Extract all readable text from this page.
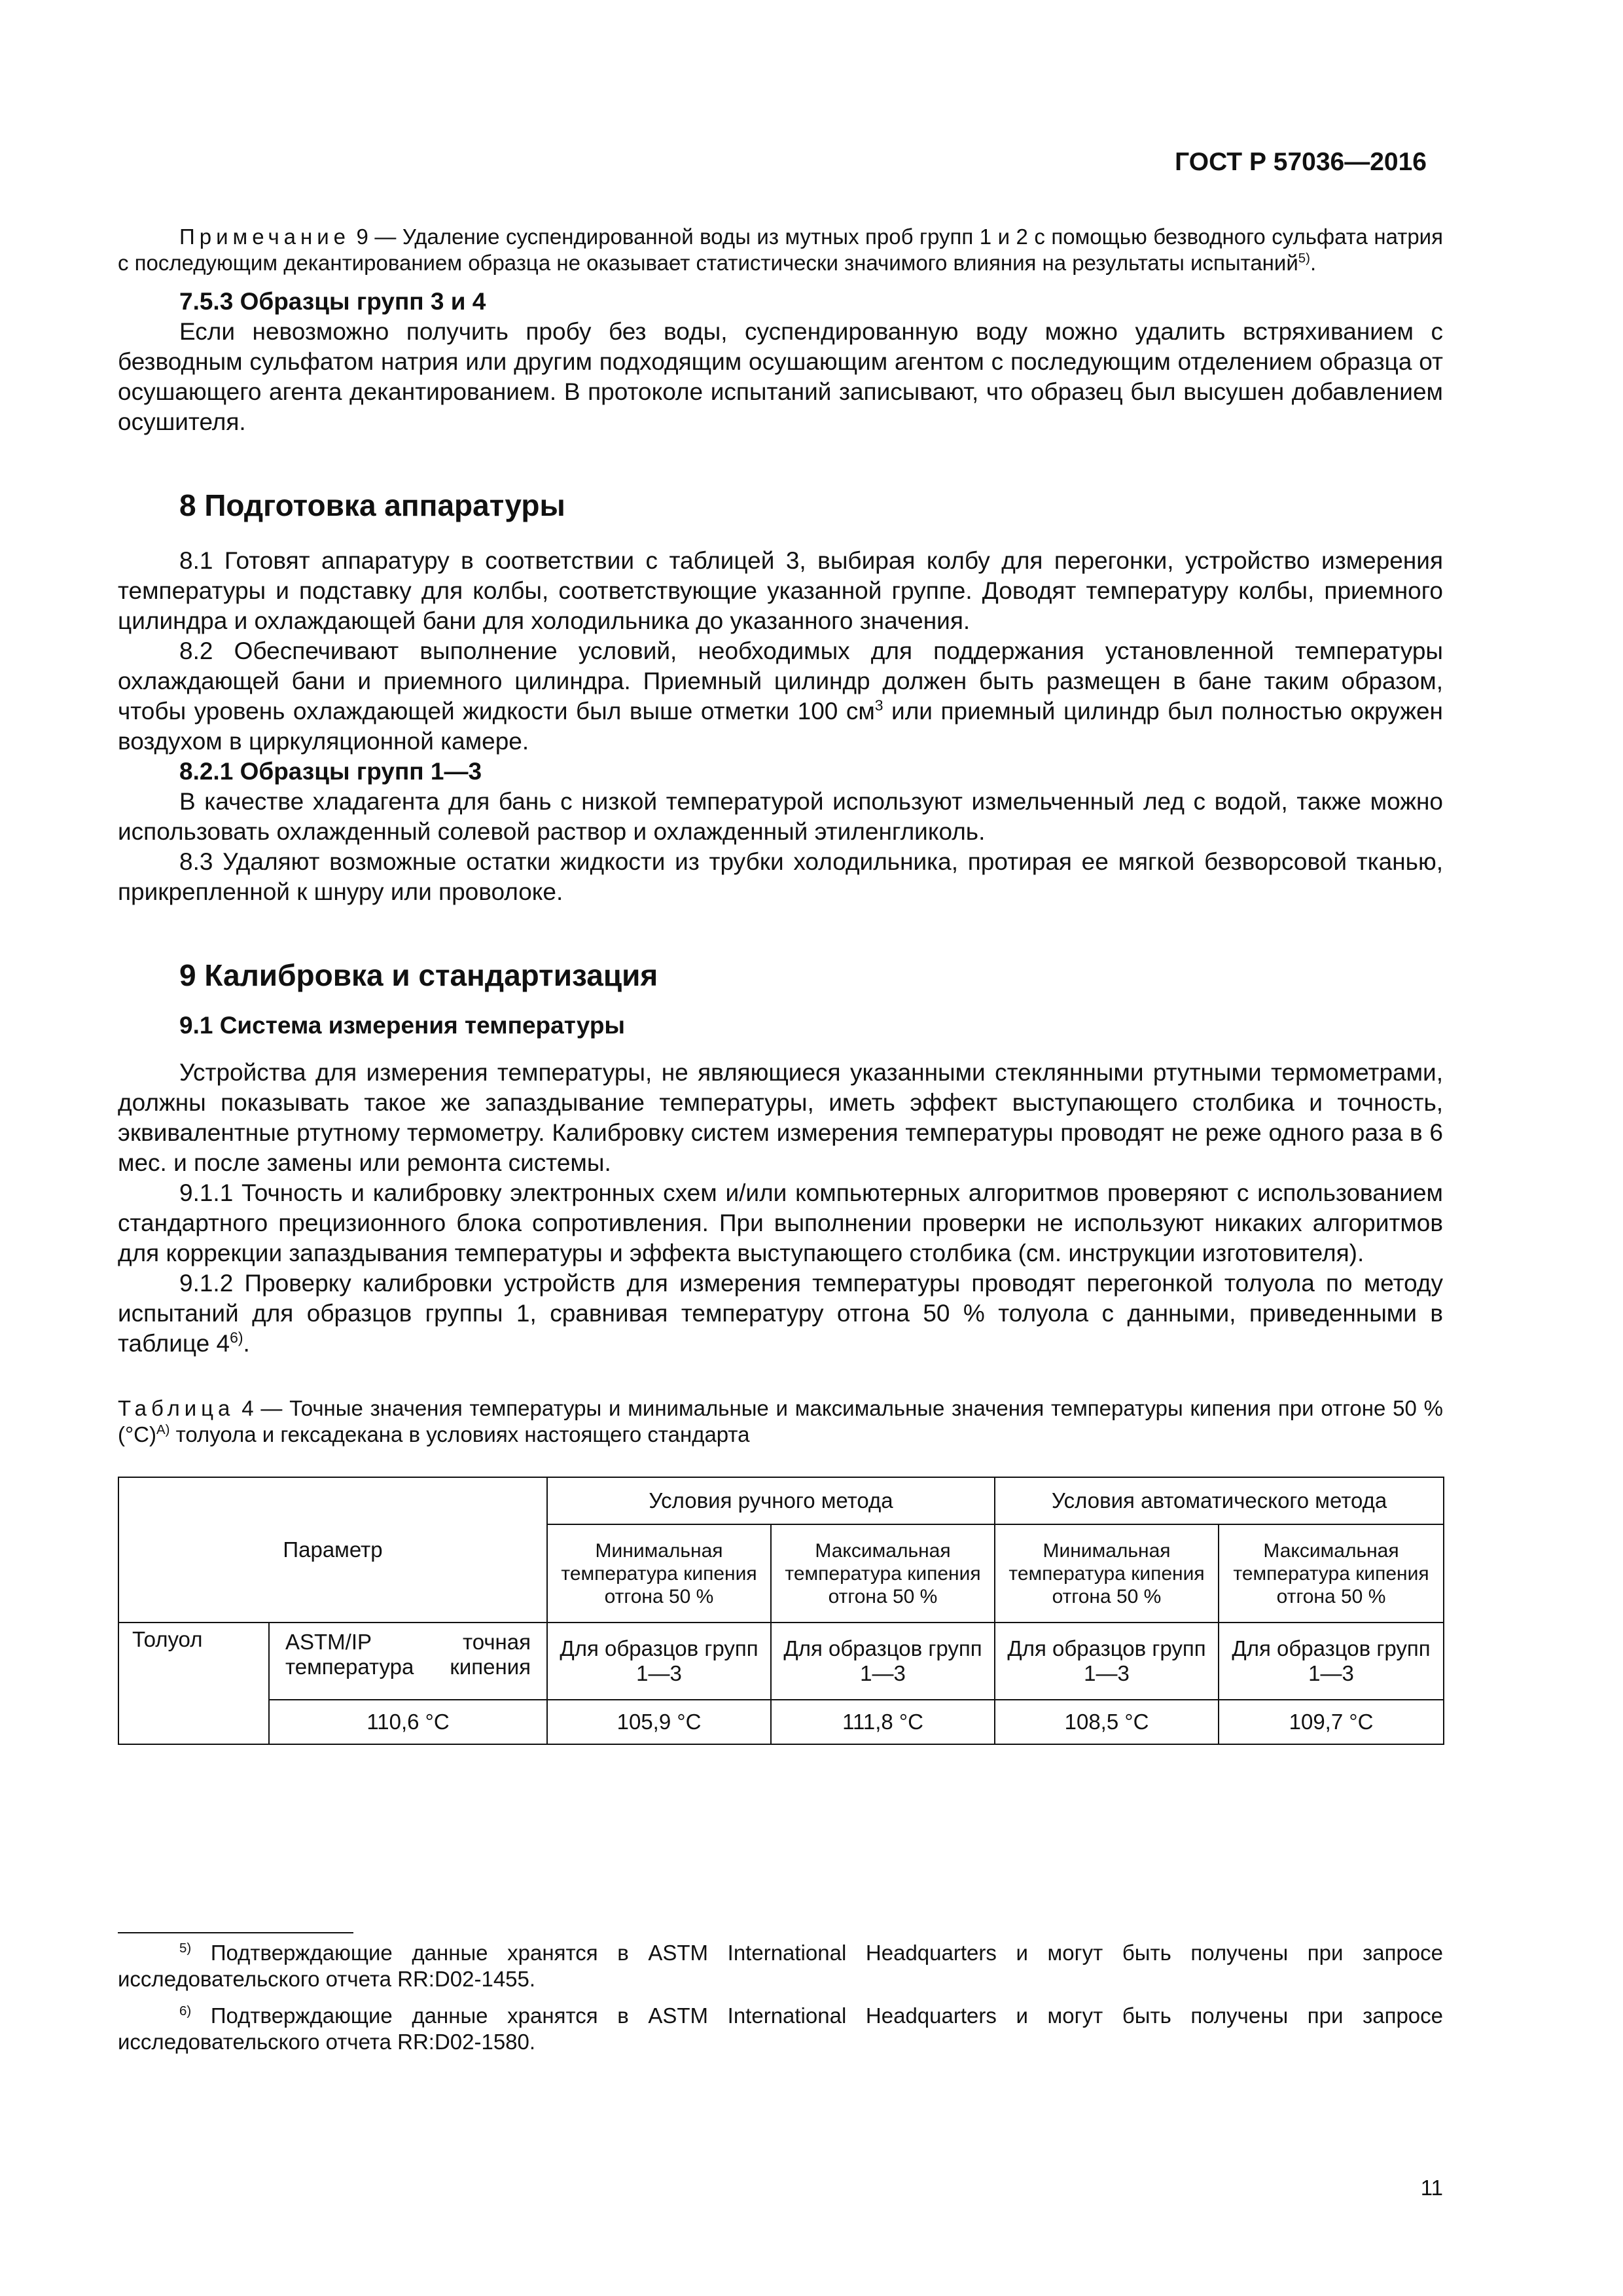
ГОСТ Р 57036—2016

Примечание 9 — Удаление суспендированной воды из мутных проб групп 1 и 2 с помощью безводного сульфата натрия с последующим декантированием образца не оказывает статистически значимого влияния на результаты испытаний$^{5)}$.

7.5.3 Образцы групп 3 и 4

Если невозможно получить пробу без воды, суспендированную воду можно удалить встряхиванием с безводным сульфатом натрия или другим подходящим осушающим агентом с последующим отделением образца от осушающего агента декантированием. В протоколе испытаний записывают, что образец был высушен добавлением осушителя.

8 Подготовка аппаратуры

8.1 Готовят аппаратуру в соответствии с таблицей 3, выбирая колбу для перегонки, устройство измерения температуры и подставку для колбы, соответствующие указанной группе. Доводят температуру колбы, приемного цилиндра и охлаждающей бани для холодильника до указанного значения.

8.2 Обеспечивают выполнение условий, необходимых для поддержания установленной температуры охлаждающей бани и приемного цилиндра. Приемный цилиндр должен быть размещен в бане таким образом, чтобы уровень охлаждающей жидкости был выше отметки 100 $см^3$ или приемный цилиндр был полностью окружен воздухом в циркуляционной камере.

8.2.1 Образцы групп 1—3

В качестве хладагента для бань с низкой температурой используют измельченный лед с водой, также можно использовать охлажденный солевой раствор и охлажденный этиленгликоль.

8.3 Удаляют возможные остатки жидкости из трубки холодильника, протирая ее мягкой безворсовой тканью, прикрепленной к шнуру или проволоке.

9 Калибровка и стандартизация

9.1 Система измерения температуры

Устройства для измерения температуры, не являющиеся указанными стеклянными ртутными термометрами, должны показывать такое же запаздывание температуры, иметь эффект выступающего столбика и точность, эквивалентные ртутному термометру. Калибровку систем измерения температуры проводят не реже одного раза в 6 мес. и после замены или ремонта системы.

9.1.1 Точность и калибровку электронных схем и/или компьютерных алгоритмов проверяют с использованием стандартного прецизионного блока сопротивления. При выполнении проверки не используют никаких алгоритмов для коррекции запаздывания температуры и эффекта выступающего столбика (см. инструкции изготовителя).

9.1.2 Проверку калибровки устройств для измерения температуры проводят перегонкой толуола по методу испытаний для образцов группы 1, сравнивая температуру отгона 50 % толуола с данными, приведенными в таблице 4$^{6)}$.

Таблица 4 — Точные значения температуры и минимальные и максимальные значения температуры кипения при отгоне 50 % $(^\circ C)^{A)}$ толуола и гексадекана в условиях настоящего стандарта

Параметр		Условия ручного метода		Условия автоматического метода	
		Минимальная температура кипения отгона 50 %	Максимальная температура кипения отгона 50 %	Минимальная температура кипения отгона 50 %	Максимальная температура кипения отгона 50 %
Толуол	ASTM/IP точная температура кипения	Для образцов групп 1—3	Для образцов групп 1—3	Для образцов групп 1—3	Для образцов групп 1—3
	110,6 °C	105,9 °C	111,8 °C	108,5 °C	109,7 °C

$^{5)}$ Подтверждающие данные хранятся в ASTM International Headquarters и могут быть получены при запросе исследовательского отчета RR:D02-1455.

$^{6)}$ Подтверждающие данные хранятся в ASTM International Headquarters и могут быть получены при запросе исследовательского отчета RR:D02-1580.

11
